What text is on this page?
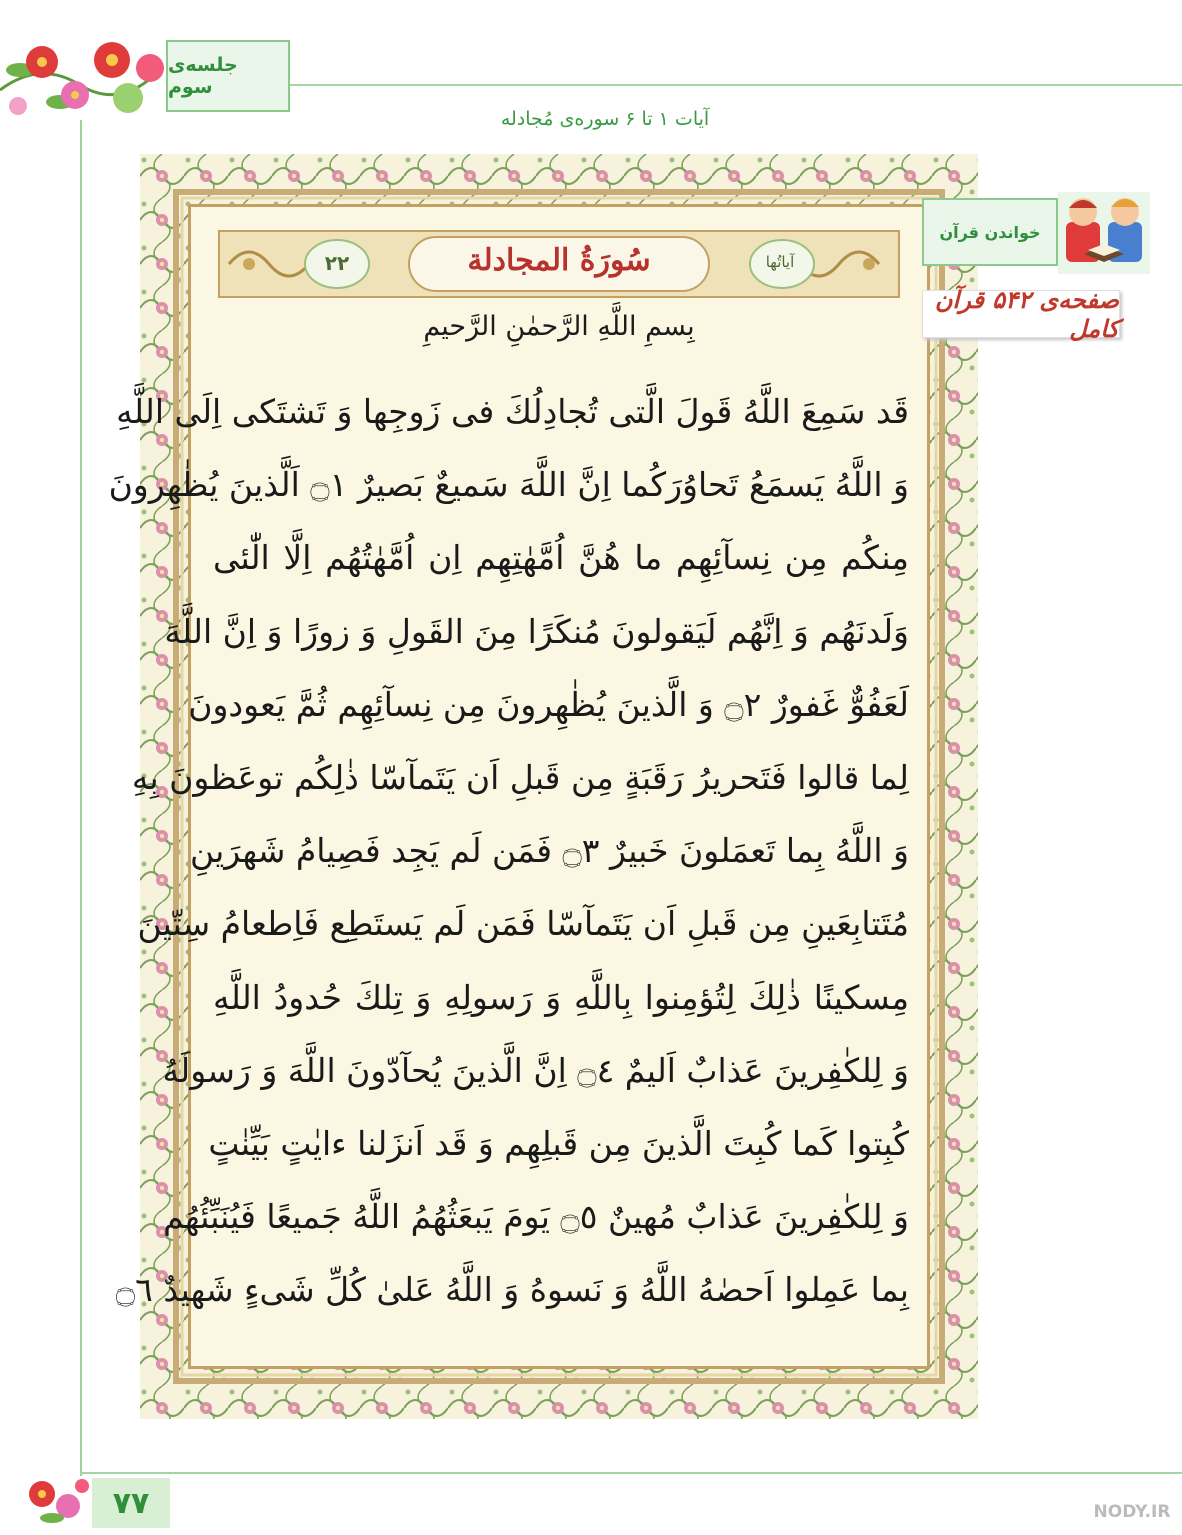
جلسه‌ی سوم
آیات ۱ تا ۶ سوره‌ی مُجادله
سُورَةُ المجادلة	آیاتُها
۲۲
بِسمِ اللَّهِ الرَّحمٰنِ الرَّحيمِ
قَد سَمِعَ اللَّهُ قَولَ الَّتى تُجادِلُكَ فى زَوجِها وَ تَشتَكى اِلَى اللَّهِ
وَ اللَّهُ يَسمَعُ تَحاوُرَكُما اِنَّ اللَّهَ سَميعٌ بَصيرٌ ۝١ اَلَّذينَ يُظٰهِرونَ
مِنكُم مِن نِسآئِهِم ما هُنَّ اُمَّهٰتِهِم اِن اُمَّهٰتُهُم اِلَّا الّٰئى
وَلَدنَهُم وَ اِنَّهُم لَيَقولونَ مُنكَرًا مِنَ القَولِ وَ زورًا وَ اِنَّ اللَّهَ
لَعَفُوٌّ غَفورٌ ۝٢ وَ الَّذينَ يُظٰهِرونَ مِن نِسآئِهِم ثُمَّ يَعودونَ
لِما قالوا فَتَحريرُ رَقَبَةٍ مِن قَبلِ اَن يَتَمآسّا ذٰلِكُم توعَظونَ بِهِ
وَ اللَّهُ بِما تَعمَلونَ خَبيرٌ ۝٣ فَمَن لَم يَجِد فَصِيامُ شَهرَينِ
مُتَتابِعَينِ مِن قَبلِ اَن يَتَمآسّا فَمَن لَم يَستَطِع فَاِطعامُ سِتّينَ
مِسكينًا ذٰلِكَ لِتُؤمِنوا بِاللَّهِ وَ رَسولِهِ وَ تِلكَ حُدودُ اللَّهِ
وَ لِلكٰفِرينَ عَذابٌ اَليمٌ ۝٤ اِنَّ الَّذينَ يُحآدّونَ اللَّهَ وَ رَسولَهُ
كُبِتوا كَما كُبِتَ الَّذينَ مِن قَبلِهِم وَ قَد اَنزَلنا ءايٰتٍ بَيِّنٰتٍ
وَ لِلكٰفِرينَ عَذابٌ مُهينٌ ۝٥ يَومَ يَبعَثُهُمُ اللَّهُ جَميعًا فَيُنَبِّئُهُم
بِما عَمِلوا اَحصٰهُ اللَّهُ وَ نَسوهُ وَ اللَّهُ عَلىٰ كُلِّ شَىءٍ شَهيدٌ ۝٦
خواندن قرآن
صفحه‌ی ۵۴۲ قرآن کامل
۷۷	NODY.IR
